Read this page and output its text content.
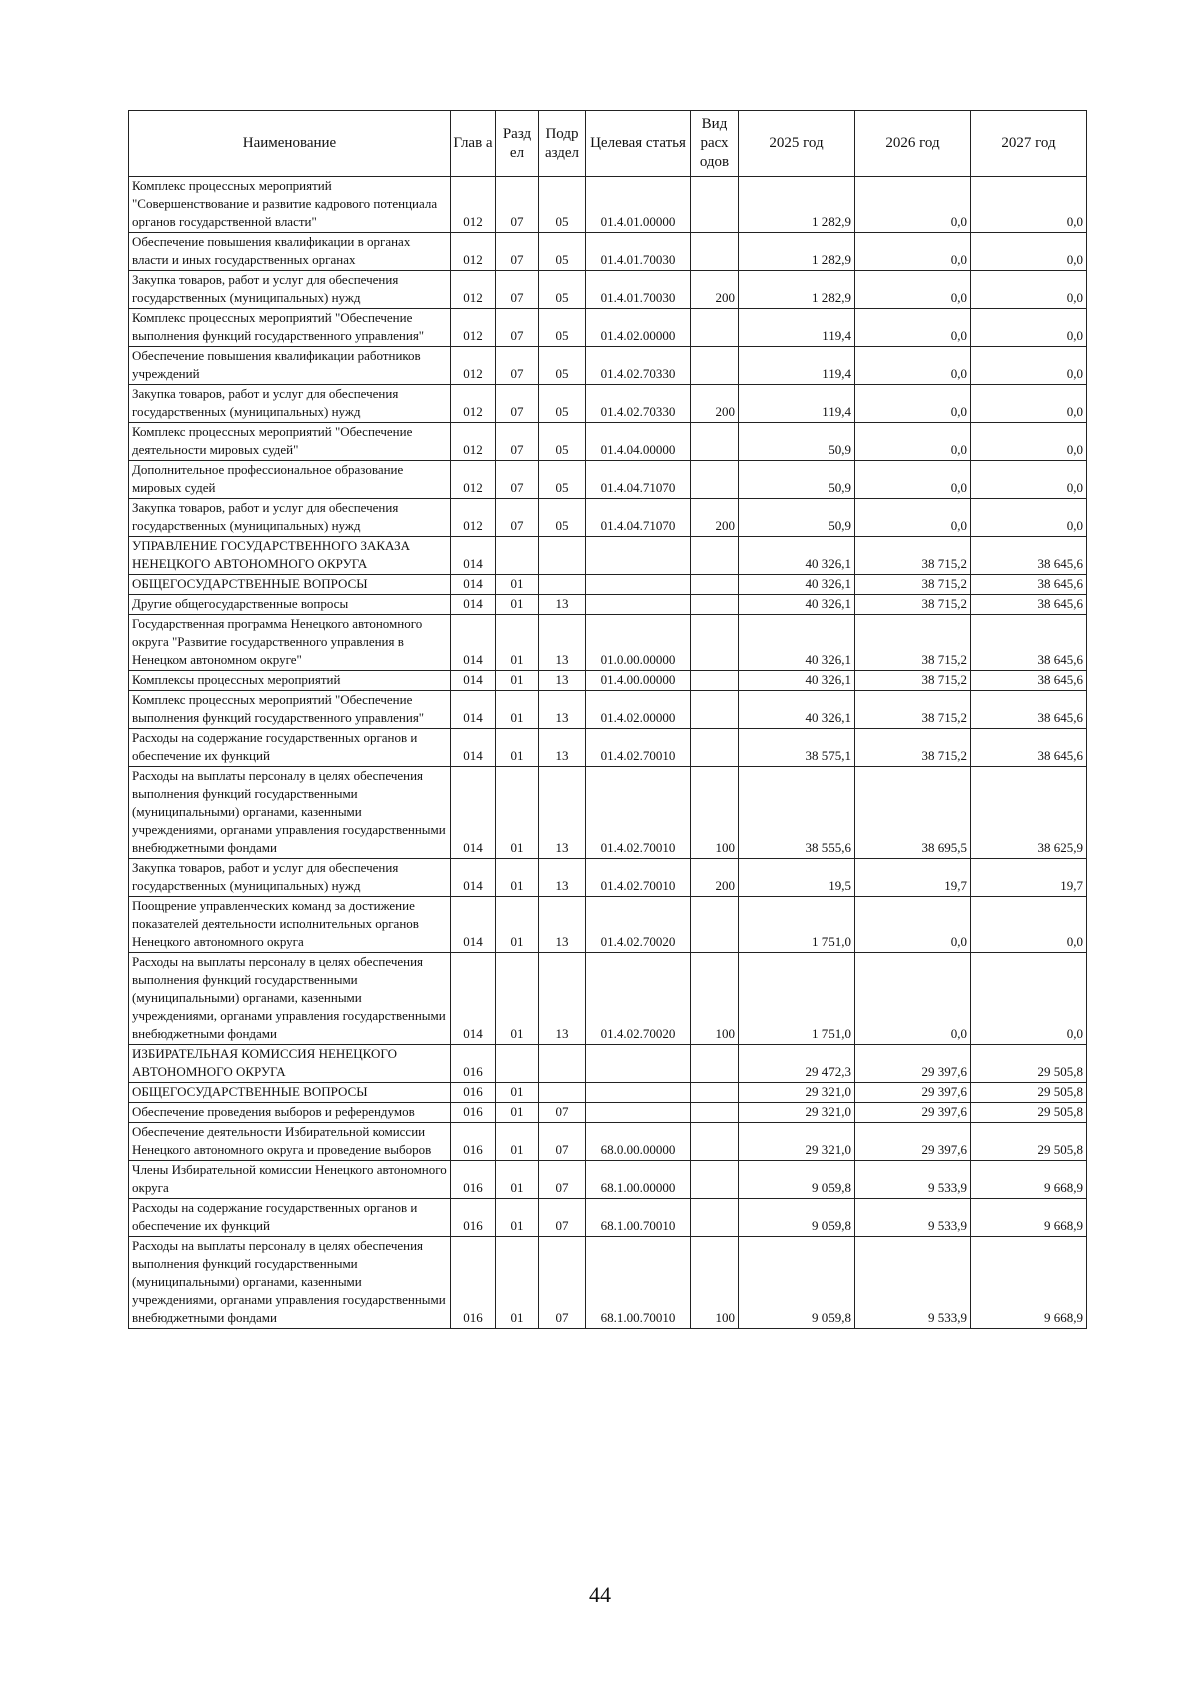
Наименование	Глав а	Разд ел	Подр аздел	Целевая статья	Вид расх одов	2025 год	2026 год	2027 год
Комплекс процессных мероприятий "Совершенствование и развитие кадрового потенциала органов государственной власти"	012	07	05	01.4.01.00000		1 282,9	0,0	0,0
Обеспечение повышения квалификации в органах власти и иных государственных органах	012	07	05	01.4.01.70030		1 282,9	0,0	0,0
Закупка товаров, работ и услуг для обеспечения государственных (муниципальных) нужд	012	07	05	01.4.01.70030	200	1 282,9	0,0	0,0
Комплекс процессных мероприятий "Обеспечение выполнения функций государственного управления"	012	07	05	01.4.02.00000		119,4	0,0	0,0
Обеспечение повышения квалификации работников учреждений	012	07	05	01.4.02.70330		119,4	0,0	0,0
Закупка товаров, работ и услуг для обеспечения государственных (муниципальных) нужд	012	07	05	01.4.02.70330	200	119,4	0,0	0,0
Комплекс процессных мероприятий "Обеспечение деятельности мировых судей"	012	07	05	01.4.04.00000		50,9	0,0	0,0
Дополнительное профессиональное образование мировых судей	012	07	05	01.4.04.71070		50,9	0,0	0,0
Закупка товаров, работ и услуг для обеспечения государственных (муниципальных) нужд	012	07	05	01.4.04.71070	200	50,9	0,0	0,0
УПРАВЛЕНИЕ ГОСУДАРСТВЕННОГО ЗАКАЗА НЕНЕЦКОГО АВТОНОМНОГО ОКРУГА	014					40 326,1	38 715,2	38 645,6
ОБЩЕГОСУДАРСТВЕННЫЕ ВОПРОСЫ	014	01				40 326,1	38 715,2	38 645,6
Другие общегосударственные вопросы	014	01	13			40 326,1	38 715,2	38 645,6
Государственная программа Ненецкого автономного округа "Развитие государственного управления в Ненецком автономном округе"	014	01	13	01.0.00.00000		40 326,1	38 715,2	38 645,6
Комплексы процессных мероприятий	014	01	13	01.4.00.00000		40 326,1	38 715,2	38 645,6
Комплекс процессных мероприятий "Обеспечение выполнения функций государственного управления"	014	01	13	01.4.02.00000		40 326,1	38 715,2	38 645,6
Расходы на содержание государственных органов и обеспечение их функций	014	01	13	01.4.02.70010		38 575,1	38 715,2	38 645,6
Расходы на выплаты персоналу в целях обеспечения выполнения функций государственными (муниципальными) органами, казенными учреждениями, органами управления государственными внебюджетными фондами	014	01	13	01.4.02.70010	100	38 555,6	38 695,5	38 625,9
Закупка товаров, работ и услуг для обеспечения государственных (муниципальных) нужд	014	01	13	01.4.02.70010	200	19,5	19,7	19,7
Поощрение управленческих команд за достижение показателей деятельности исполнительных органов Ненецкого автономного округа	014	01	13	01.4.02.70020		1 751,0	0,0	0,0
Расходы на выплаты персоналу в целях обеспечения выполнения функций государственными (муниципальными) органами, казенными учреждениями, органами управления государственными внебюджетными фондами	014	01	13	01.4.02.70020	100	1 751,0	0,0	0,0
ИЗБИРАТЕЛЬНАЯ КОМИССИЯ НЕНЕЦКОГО АВТОНОМНОГО ОКРУГА	016					29 472,3	29 397,6	29 505,8
ОБЩЕГОСУДАРСТВЕННЫЕ ВОПРОСЫ	016	01				29 321,0	29 397,6	29 505,8
Обеспечение проведения выборов и референдумов	016	01	07			29 321,0	29 397,6	29 505,8
Обеспечение деятельности Избирательной комиссии Ненецкого автономного округа и проведение выборов	016	01	07	68.0.00.00000		29 321,0	29 397,6	29 505,8
Члены Избирательной комиссии Ненецкого автономного округа	016	01	07	68.1.00.00000		9 059,8	9 533,9	9 668,9
Расходы на содержание государственных органов и обеспечение их функций	016	01	07	68.1.00.70010		9 059,8	9 533,9	9 668,9
Расходы на выплаты персоналу в целях обеспечения выполнения функций государственными (муниципальными) органами, казенными учреждениями, органами управления государственными внебюджетными фондами	016	01	07	68.1.00.70010	100	9 059,8	9 533,9	9 668,9
44
